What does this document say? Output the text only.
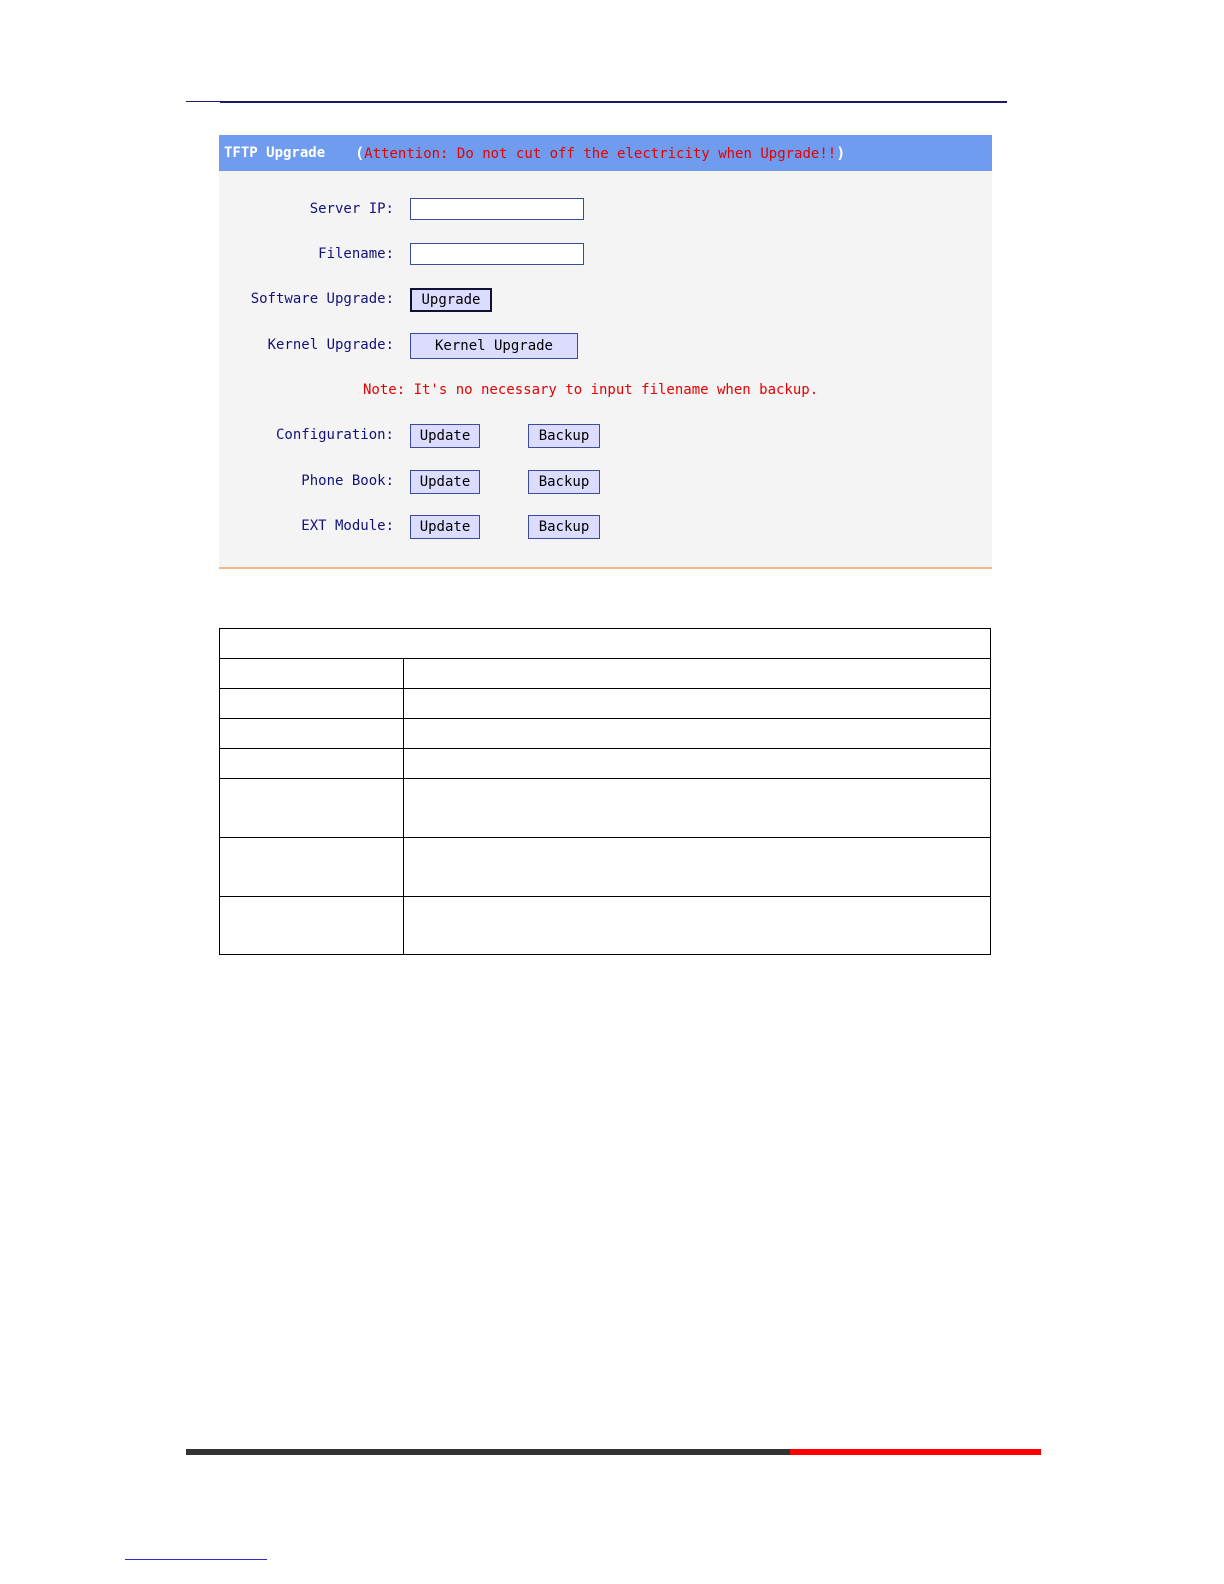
TFTP Upgrade (Attention: Do not cut off the electricity when Upgrade!!)
Server IP:
Filename:
Software Upgrade:	Upgrade
Kernel Upgrade:	Kernel Upgrade
Note: It's no necessary to input filename when backup.
Configuration:	Update	Backup
Phone Book:	Update	Backup
EXT Module:	Update	Backup
